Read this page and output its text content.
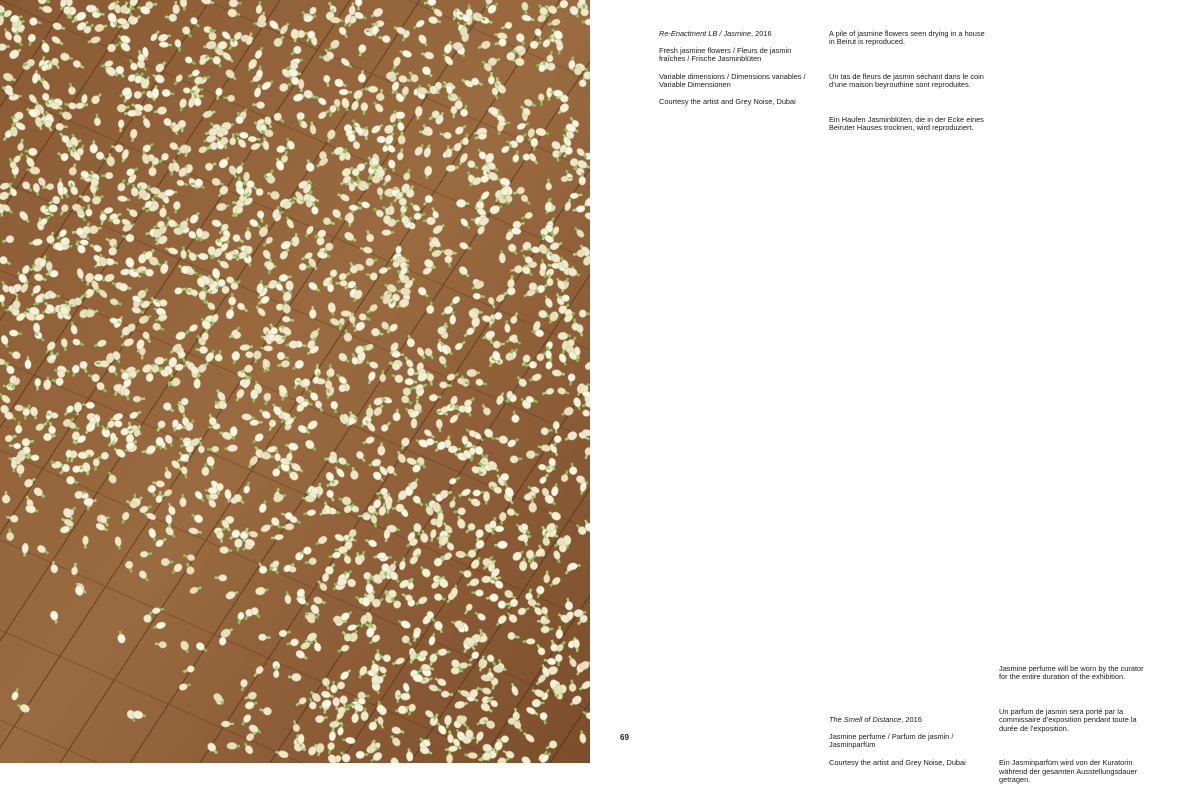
Re-Enactment LB / Jasmine, 2016

Fresh jasmine flowers / Fleurs de jasmin
fraîches / Frische Jasminblüten

Variable dimensions / Dimensions variables /
Variable Dimensionen

Courtesy the artist and Grey Noise, Dubai

A pile of jasmine flowers seen drying in a house
in Beirut is reproduced.

Un tas de fleurs de jasmin séchant dans le coin
d’une maison beyrouthine sont reproduites.

Ein Haufen Jasminblüten, die in der Ecke eines
Beiruter Hauses trocknen, wird reproduziert.

The Smell of Distance, 2016

Jasmine perfume / Parfum de jasmin /
Jasminparfüm

Courtesy the artist and Grey Noise, Dubai

Jasmine perfume will be worn by the curator
for the entire duration of the exhibition.

Un parfum de jasmin sera porté par la
commissaire d’exposition pendant toute la
durée de l’exposition.

Ein Jasminparfüm wird von der Kuratorin
während der gesamten Ausstellungsdauer
getragen.

69
